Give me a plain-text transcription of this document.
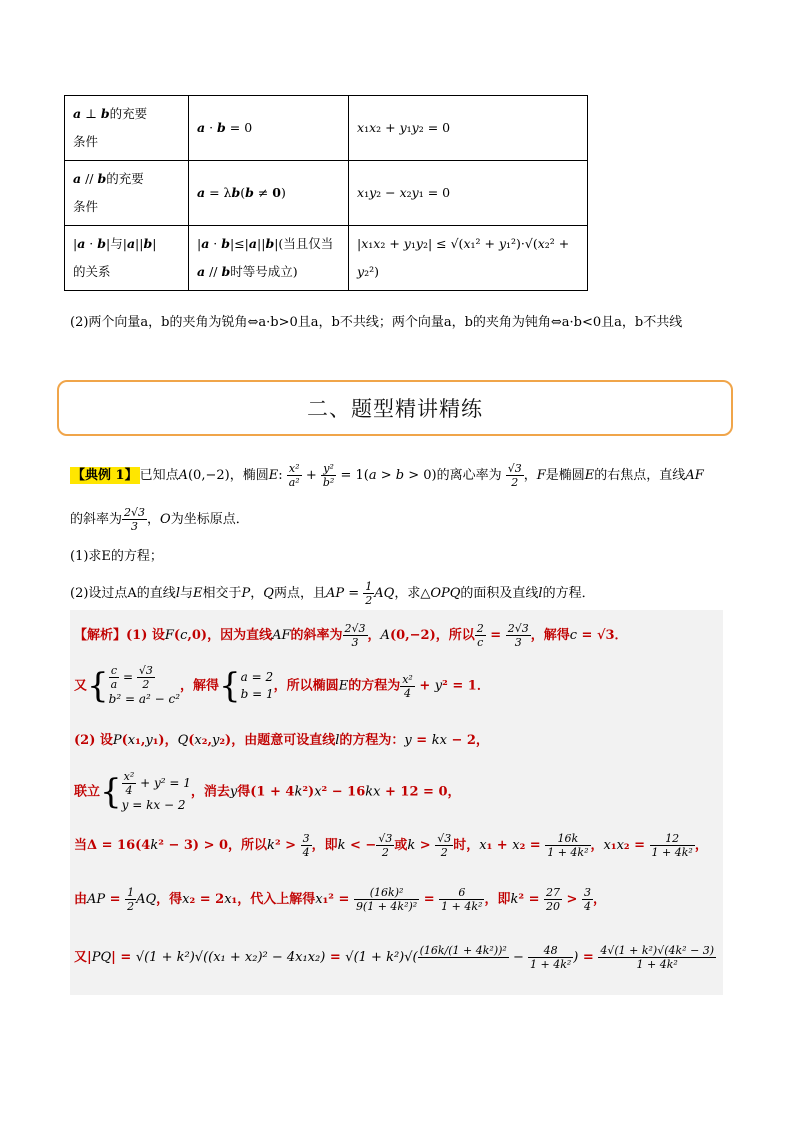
a ⊥ b的充要
条件	a · b = 0	x₁x₂ + y₁y₂ = 0
a // b的充要
条件	a = λb(b ≠ 0)	x₁y₂ − x₂y₁ = 0
|a · b|与|a||b|
的关系	|a · b|≤|a||b|(当且仅当
a // b时等号成立)	|x₁x₂ + y₁y₂| ≤ √(x₁² + y₁²)·√(x₂² + y₂²)
(2)两个向量a，b的夹角为锐角⇔a·b>0且a，b不共线；两个向量a，b的夹角为钝角⇔a·b<0且a，b不共线
二、题型精讲精练
【典例 1】 已知点A(0,−2)，椭圆E: $\frac{\text{x²}}{\text{a²}} + \frac{\text{y²}}{\text{b²}} = 1(a > b > 0)$的离心率为 $\frac{√3}{2}$ ，F是椭圆E的右焦点，直线AF
的斜率为 $\frac{2√3}{3}$ ，O为坐标原点．
(1)求E的方程；
(2)设过点A的直线l与E相交于P，Q两点，且AP = $\frac{1}{2}$ AQ，求△OPQ的面积及直线l的方程．
【解析】(1) 设F(c,0)，因为直线AF的斜率为 $\frac{2√3}{3}$ ，A(0,−2)，所以 $\frac{2}{c} = \frac{2√3}{3}$ ，解得c = √3．
又{ $\frac{c}{a} = \frac{√3}{2}$

b² = a² − c²，解得{a = 2
b = 1，所以椭圆E的方程为 $\frac{\text{x²}}{4} + y^2 = 1$．
(2) 设P(x₁,y₁)，Q(x₂,y₂)，由题意可设直线l的方程为：y = kx − 2，
联立{ $\frac{\text{x²}}{4} + y^2 = 1$
y = kx − 2，消去y得(1 + 4k²)x² − 16kx + 12 = 0，
当Δ = 16(4k² − 3) > 0，所以$k^2 > \frac{3}{4}$ ，即k < − $\frac{√3}{2}$ 或$k > \frac{√3}{2}$ 时，$x_1 + x_2 = \frac{16k}{\text{1 + 4k²}}$ ，$x_1x_2 = \frac{12}{\text{1 + 4k²}}$ ，
由AP = $\frac{1}{2}$ AQ，得x₂ = 2x₁，代入上解得$x_1^2 = \frac{\text{(16k)²}}{\text{9(1 + 4k²)²}} = \frac{6}{\text{1 + 4k²}}$ ，即$k^2 = \frac{27}{20} > \frac{3}{4}$ ，
又|PQ| = √(1 + k²)√((x₁ + x₂)² − 4x₁x₂) = √(1 + k²)√( $(16k/(1 + 4k^2))^2 - \frac{48}{\text{1 + 4k²}}$ ) = $\frac{\text{4√(1 + k²)√(4k² − 3)}}{\text{1 + 4k²}}$
